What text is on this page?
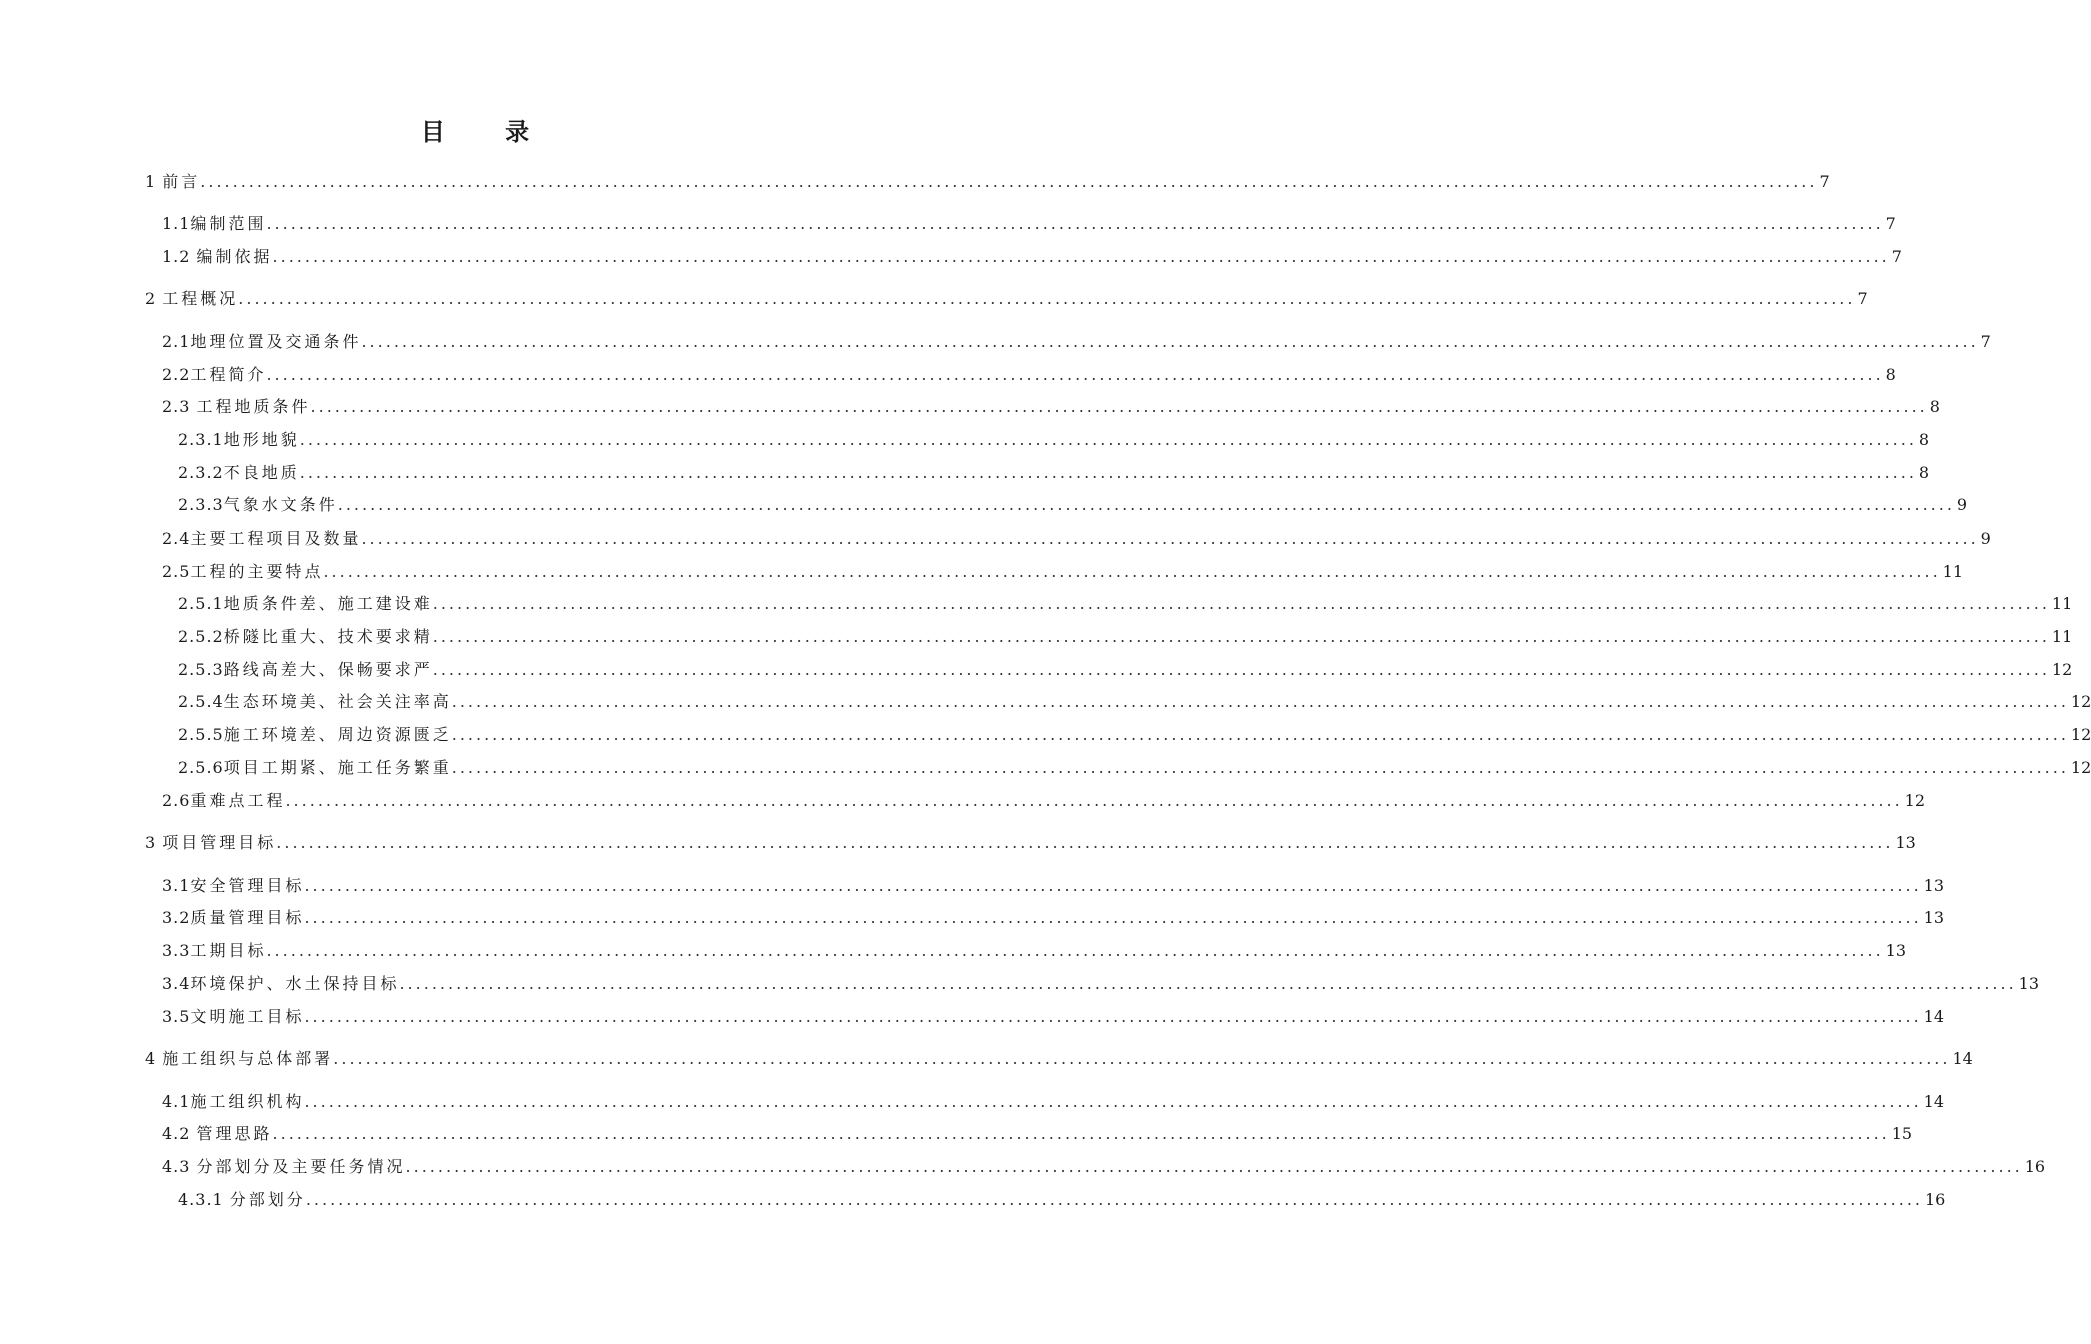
目 录
1 前言 ........................................................................................................................................................................................................ 7
1.1 编制范围 ........................................................................................................................................................................................................ 7
1.2 编制依据 ........................................................................................................................................................................................................ 7
2 工程概况 ........................................................................................................................................................................................................ 7
2.1 地理位置及交通条件 ........................................................................................................................................................................................................ 7
2.2 工程简介 ........................................................................................................................................................................................................ 8
2.3 工程地质条件 ........................................................................................................................................................................................................ 8
2.3.1 地形地貌 ........................................................................................................................................................................................................ 8
2.3.2 不良地质 ........................................................................................................................................................................................................ 8
2.3.3 气象水文条件 ........................................................................................................................................................................................................ 9
2.4 主要工程项目及数量 ........................................................................................................................................................................................................ 9
2.5 工程的主要特点 ........................................................................................................................................................................................................ 11
2.5.1 地质条件差、施工建设难 ........................................................................................................................................................................................................ 11
2.5.2 桥隧比重大、技术要求精 ........................................................................................................................................................................................................ 11
2.5.3 路线高差大、保畅要求严 ........................................................................................................................................................................................................ 12
2.5.4 生态环境美、社会关注率高 ........................................................................................................................................................................................................ 12
2.5.5 施工环境差、周边资源匮乏 ........................................................................................................................................................................................................ 12
2.5.6 项目工期紧、施工任务繁重 ........................................................................................................................................................................................................ 12
2.6 重难点工程 ........................................................................................................................................................................................................ 12
3 项目管理目标 ........................................................................................................................................................................................................ 13
3.1 安全管理目标 ........................................................................................................................................................................................................ 13
3.2 质量管理目标 ........................................................................................................................................................................................................ 13
3.3 工期目标 ........................................................................................................................................................................................................ 13
3.4 环境保护、水土保持目标 ........................................................................................................................................................................................................ 13
3.5 文明施工目标 ........................................................................................................................................................................................................ 14
4 施工组织与总体部署 ........................................................................................................................................................................................................ 14
4.1 施工组织机构 ........................................................................................................................................................................................................ 14
4.2 管理思路 ........................................................................................................................................................................................................ 15
4.3 分部划分及主要任务情况 ........................................................................................................................................................................................................ 16
4.3.1 分部划分 ........................................................................................................................................................................................................ 16
